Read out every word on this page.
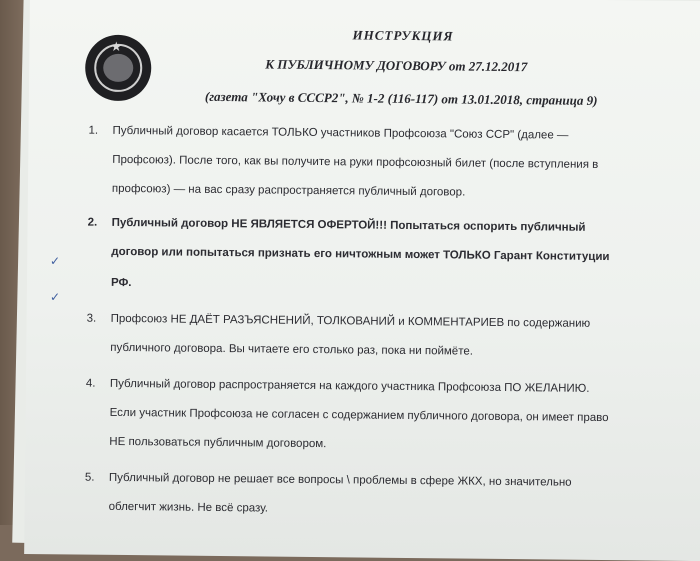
★
ИНСТРУКЦИЯ
К ПУБЛИЧНОМУ ДОГОВОРУ от 27.12.2017
(газета "Хочу в СССР2", № 1-2 (116-117) от 13.01.2018, страница 9)
1. Публичный договор касается ТОЛЬКО участников Профсоюза "Союз ССР" (далее —
Профсоюз). После того, как вы получите на руки профсоюзный билет (после вступления в
профсоюз) — на вас сразу распространяется публичный договор.
2. Публичный договор НЕ ЯВЛЯЕТСЯ ОФЕРТОЙ!!! Попытаться оспорить публичный
договор или попытаться признать его ничтожным может ТОЛЬКО Гарант Конституции
РФ.
3. Профсоюз НЕ ДАЁТ РАЗЪЯСНЕНИЙ, ТОЛКОВАНИЙ и КОММЕНТАРИЕВ по содержанию
публичного договора. Вы читаете его столько раз, пока ни поймёте.
4. Публичный договор распространяется на каждого участника Профсоюза ПО ЖЕЛАНИЮ.
Если участник Профсоюза не согласен с содержанием публичного договора, он имеет право
НЕ пользоваться публичным договором.
5. Публичный договор не решает все вопросы \ проблемы в сфере ЖКХ, но значительно
облегчит жизнь. Не всё сразу.
✓
✓
